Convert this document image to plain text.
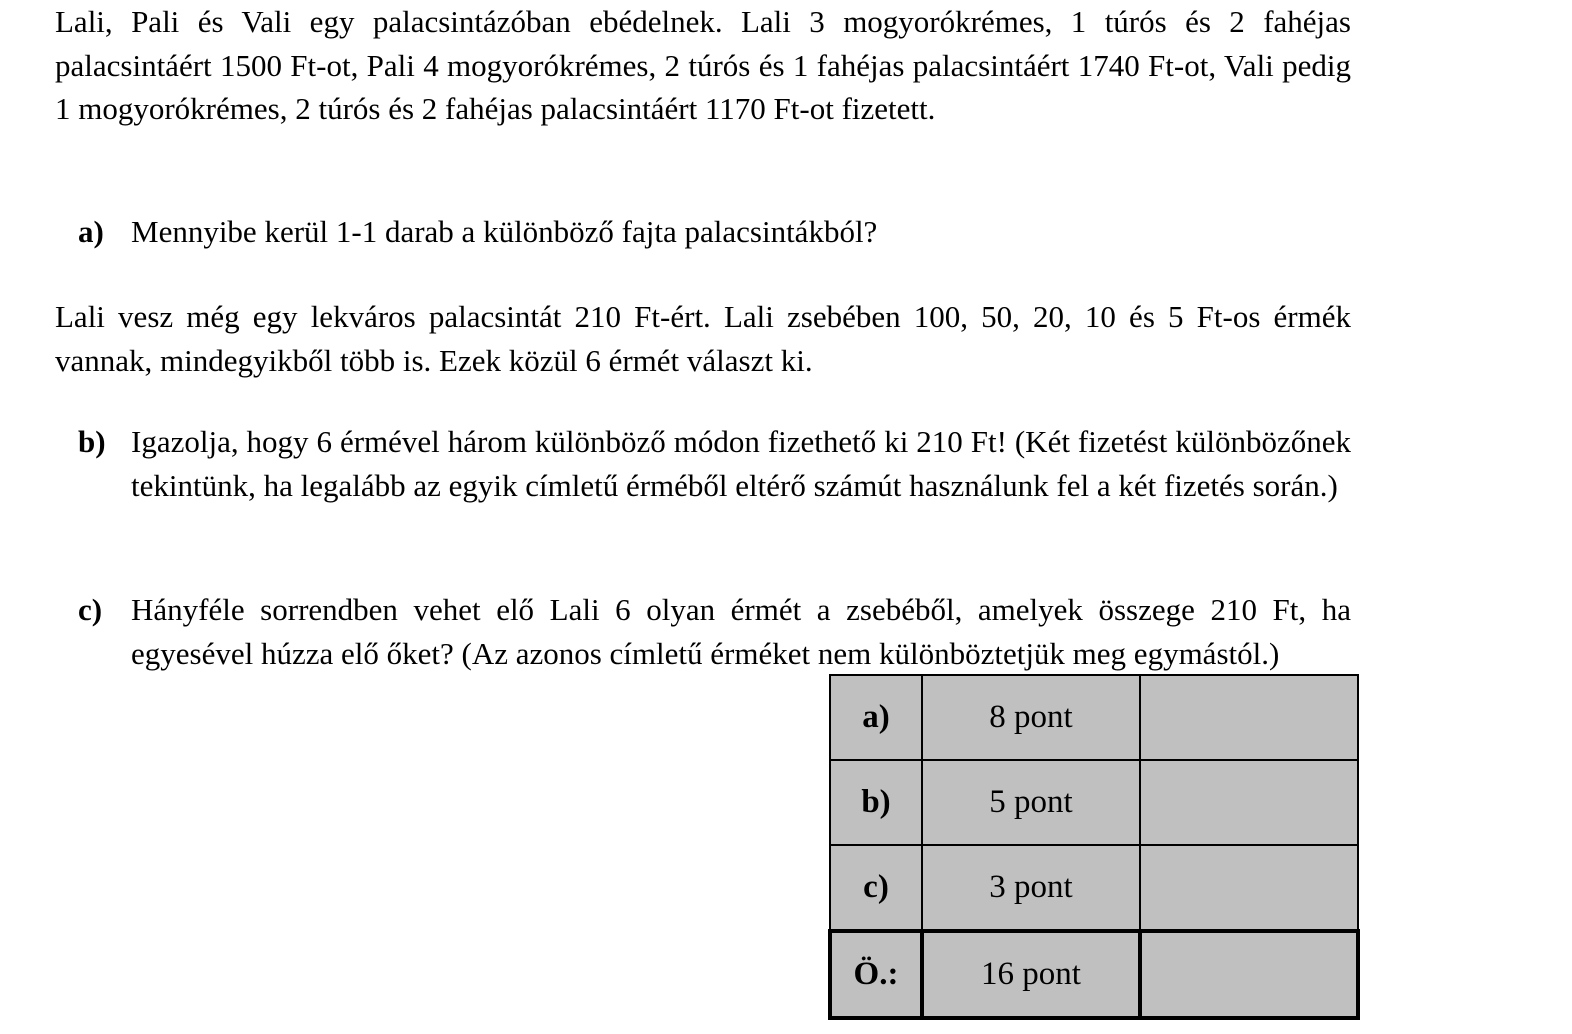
Lali, Pali és Vali egy palacsintázóban ebédelnek. Lali 3 mogyorókrémes, 1 túrós és 2 fahéjas palacsintáért 1500 Ft-ot, Pali 4 mogyorókrémes, 2 túrós és 1 fahéjas palacsintáért 1740 Ft-ot, Vali pedig 1 mogyorókrémes, 2 túrós és 2 fahéjas palacsintáért 1170 Ft-ot fizetett.
a) Mennyibe kerül 1-1 darab a különböző fajta palacsintákból?
Lali vesz még egy lekváros palacsintát 210 Ft-ért. Lali zsebében 100, 50, 20, 10 és 5 Ft-os érmék vannak, mindegyikből több is. Ezek közül 6 érmét választ ki.
b) Igazolja, hogy 6 érmével három különböző módon fizethető ki 210 Ft! (Két fizetést különbözőnek tekintünk, ha legalább az egyik címletű érméből eltérő számút használunk fel a két fizetés során.)
c) Hányféle sorrendben vehet elő Lali 6 olyan érmét a zsebéből, amelyek összege 210 Ft, ha egyesével húzza elő őket? (Az azonos címletű érméket nem különböztetjük meg egymástól.)
a)	8 pont	
b)	5 pont	
c)	3 pont	
Ö.:	16 pont	
